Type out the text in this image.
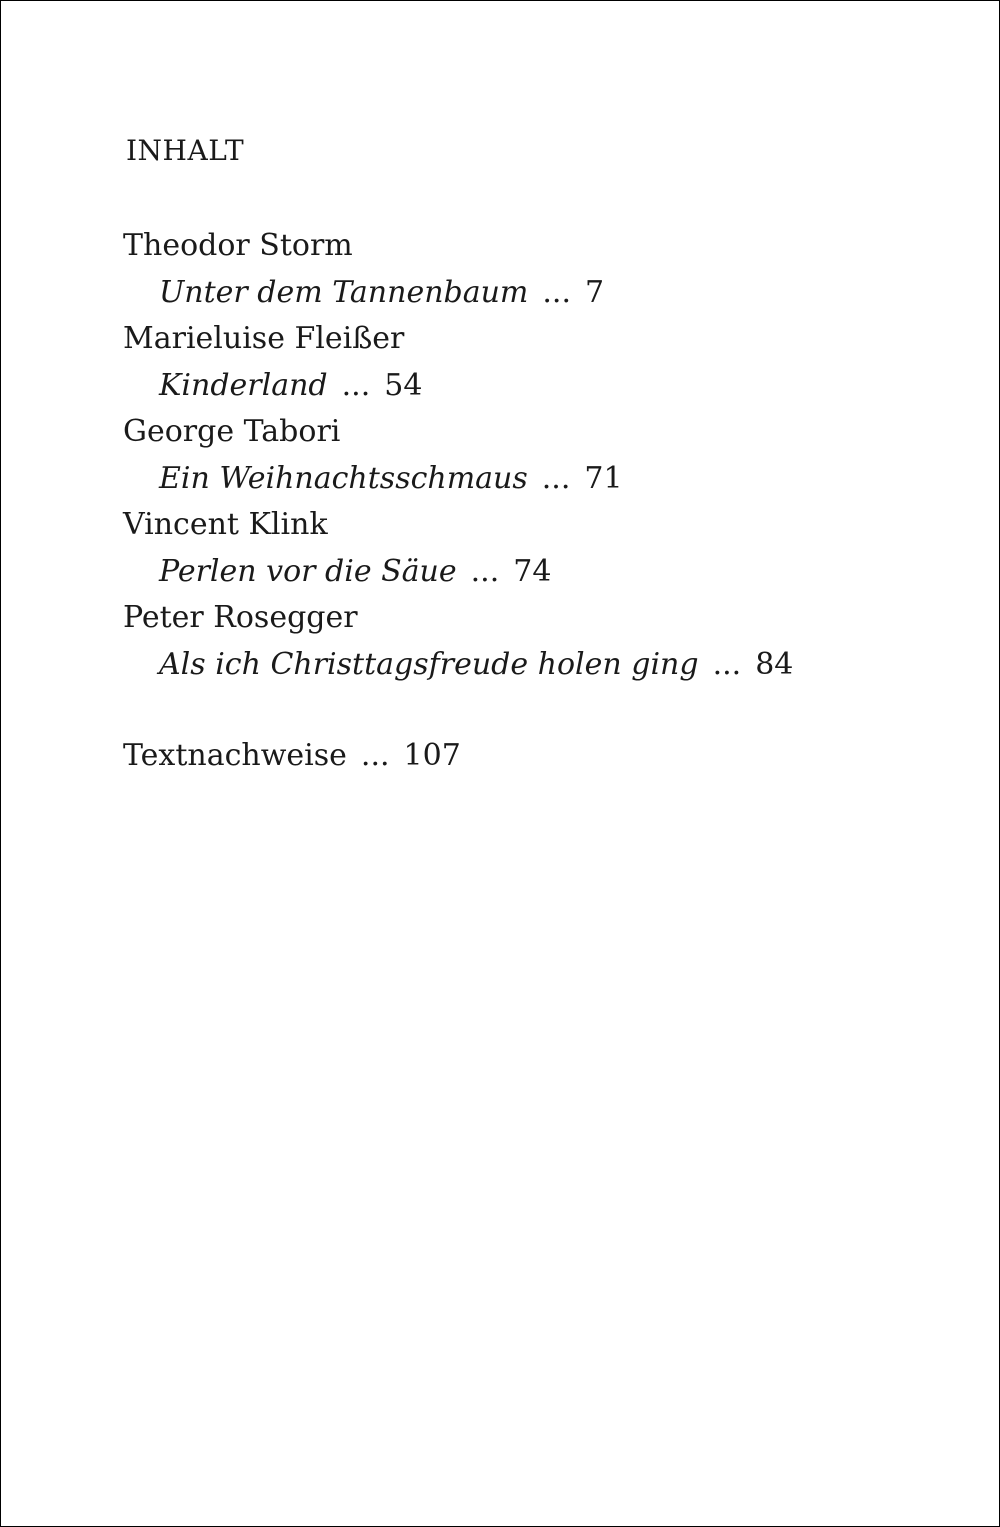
INHALT
Theodor Storm
Unter dem Tannenbaum ... 7
Marieluise Fleißer
Kinderland ... 54
George Tabori
Ein Weihnachtsschmaus ... 71
Vincent Klink
Perlen vor die Säue ... 74
Peter Rosegger
Als ich Christtagsfreude holen ging ... 84
Textnachweise ... 107
